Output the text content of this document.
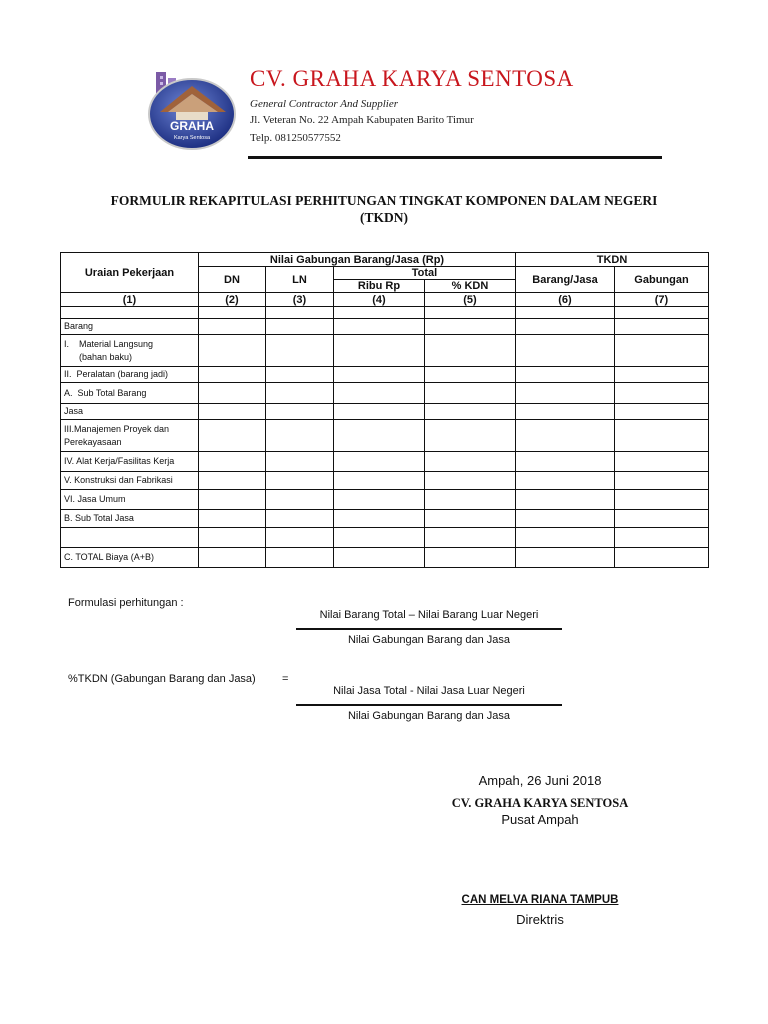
GRAHA
Karya Sentosa
CV. GRAHA KARYA SENTOSA
General Contractor And Supplier
Jl. Veteran No. 22 Ampah Kabupaten Barito Timur
Telp. 081250577552
FORMULIR REKAPITULASI PERHITUNGAN TINGKAT KOMPONEN DALAM NEGERI
(TKDN)
Uraian Pekerjaan	Nilai Gabungan Barang/Jasa (Rp)				TKDN	
	DN	LN	Total		Barang/Jasa	Gabungan
			Ribu Rp	% KDN		
(1)	(2)	(3)	(4)	(5)	(6)	(7)

Barang						
I.    Material Langsung
(bahan baku)						
II.  Peralatan (barang jadi)						
A.  Sub Total Barang						
Jasa						
III.Manajemen Proyek dan
Perekayasaan						
IV. Alat Kerja/Fasilitas Kerja						
V. Konstruksi dan Fabrikasi						
VI. Jasa Umum						
B. Sub Total Jasa						

C. TOTAL Biaya (A+B)						
Formulasi perhitungan :
Nilai Barang Total – Nilai Barang Luar Negeri
Nilai Gabungan Barang dan Jasa
%TKDN (Gabungan Barang dan Jasa) =
Nilai Jasa Total - Nilai Jasa Luar Negeri
Nilai Gabungan Barang dan Jasa
Ampah, 26 Juni 2018
CV. GRAHA KARYA SENTOSA
Pusat Ampah
CAN MELVA RIANA TAMPUB
Direktris
